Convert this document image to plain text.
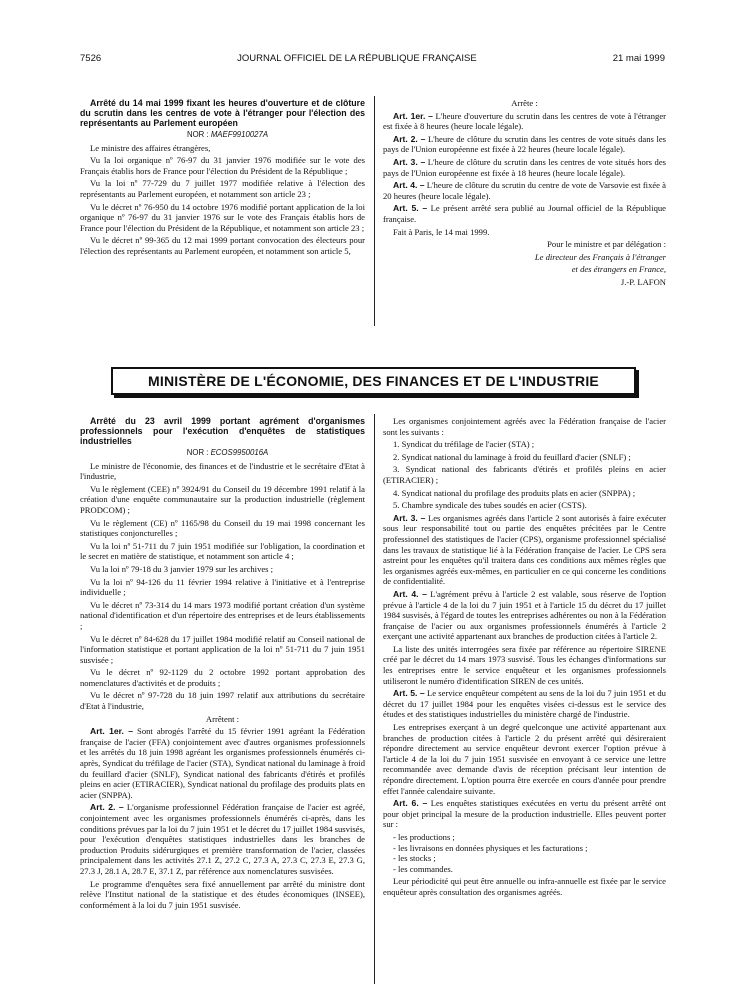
7526	JOURNAL OFFICIEL DE LA RÉPUBLIQUE FRANÇAISE	21 mai 1999

Arrêté du 14 mai 1999 fixant les heures d'ouverture et de clôture du scrutin dans les centres de vote à l'étranger pour l'élection des représentants au Parlement européen

NOR : MAEF9910027A

Le ministre des affaires étrangères,

Vu la loi organique nº 76-97 du 31 janvier 1976 modifiée sur le vote des Français établis hors de France pour l'élection du Président de la République ;

Vu la loi nº 77-729 du 7 juillet 1977 modifiée relative à l'élection des représentants au Parlement européen, et notamment son article 23 ;

Vu le décret nº 76-950 du 14 octobre 1976 modifié portant application de la loi organique nº 76-97 du 31 janvier 1976 sur le vote des Français établis hors de France pour l'élection du Président de la République, et notamment son article 23 ;

Vu le décret nº 99-365 du 12 mai 1999 portant convocation des électeurs pour l'élection des représentants au Parlement européen, et notamment son article 5,

Arrête :

Art. 1er. – L'heure d'ouverture du scrutin dans les centres de vote à l'étranger est fixée à 8 heures (heure locale légale).

Art. 2. – L'heure de clôture du scrutin dans les centres de vote situés dans les pays de l'Union européenne est fixée à 22 heures (heure locale légale).

Art. 3. – L'heure de clôture du scrutin dans les centres de vote situés hors des pays de l'Union européenne est fixée à 18 heures (heure locale légale).

Art. 4. – L'heure de clôture du scrutin du centre de vote de Varsovie est fixée à 20 heures (heure locale légale).

Art. 5. – Le présent arrêté sera publié au Journal officiel de la République française.

Fait à Paris, le 14 mai 1999.

Pour le ministre et par délégation :

Le directeur des Français à l'étranger

et des étrangers en France,

J.-P. LAFON

MINISTÈRE DE L'ÉCONOMIE, DES FINANCES ET DE L'INDUSTRIE

Arrêté du 23 avril 1999 portant agrément d'organismes professionnels pour l'exécution d'enquêtes de statistiques industrielles

NOR : ECOS9950016A

Le ministre de l'économie, des finances et de l'industrie et le secrétaire d'Etat à l'industrie,

Vu le règlement (CEE) nº 3924/91 du Conseil du 19 décembre 1991 relatif à la création d'une enquête communautaire sur la production industrielle (règlement PRODCOM) ;

Vu le règlement (CE) nº 1165/98 du Conseil du 19 mai 1998 concernant les statistiques conjoncturelles ;

Vu la loi nº 51-711 du 7 juin 1951 modifiée sur l'obligation, la coordination et le secret en matière de statistique, et notamment son article 4 ;

Vu la loi nº 79-18 du 3 janvier 1979 sur les archives ;

Vu la loi nº 94-126 du 11 février 1994 relative à l'initiative et à l'entreprise individuelle ;

Vu le décret nº 73-314 du 14 mars 1973 modifié portant création d'un système national d'identification et d'un répertoire des entreprises et de leurs établissements ;

Vu le décret nº 84-628 du 17 juillet 1984 modifié relatif au Conseil national de l'information statistique et portant application de la loi nº 51-711 du 7 juin 1951 susvisée ;

Vu le décret nº 92-1129 du 2 octobre 1992 portant approbation des nomenclatures d'activités et de produits ;

Vu le décret nº 97-728 du 18 juin 1997 relatif aux attributions du secrétaire d'Etat à l'industrie,

Arrêtent :

Art. 1er. – Sont abrogés l'arrêté du 15 février 1991 agréant la Fédération française de l'acier (FFA) conjointement avec d'autres organismes professionnels et les arrêtés du 18 juin 1998 agréant les organismes professionnels énumérés ci-après, Syndicat du tréfilage de l'acier (STA), Syndicat national du laminage à froid du feuillard d'acier (SNLF), Syndicat national des fabricants d'étirés et profilés pleins en acier (ETIRACIER), Syndicat national du profilage des produits plats en acier (SNPPA).

Art. 2. – L'organisme professionnel Fédération française de l'acier est agréé, conjointement avec les organismes professionnels énumérés ci-après, dans les conditions prévues par la loi du 7 juin 1951 et le décret du 17 juillet 1984 susvisés, pour l'exécution d'enquêtes statistiques industrielles dans les branches de production Produits sidérurgiques et première transformation de l'acier, classées principalement dans les activités 27.1 Z, 27.2 C, 27.3 A, 27.3 C, 27.3 E, 27.3 G, 27.3 J, 28.1 A, 28.7 E, 37.1 Z, par référence aux nomenclatures susvisées.

Le programme d'enquêtes sera fixé annuellement par arrêté du ministre dont relève l'Institut national de la statistique et des études économiques (INSEE), conformément à la loi du 7 juin 1951 susvisée.

Les organismes conjointement agréés avec la Fédération française de l'acier sont les suivants :

1. Syndicat du tréfilage de l'acier (STA) ;

2. Syndicat national du laminage à froid du feuillard d'acier (SNLF) ;

3. Syndicat national des fabricants d'étirés et profilés pleins en acier (ETIRACIER) ;

4. Syndicat national du profilage des produits plats en acier (SNPPA) ;

5. Chambre syndicale des tubes soudés en acier (CSTS).

Art. 3. – Les organismes agréés dans l'article 2 sont autorisés à faire exécuter sous leur responsabilité tout ou partie des enquêtes précitées par le Centre professionnel des statistiques de l'acier (CPS), organisme professionnel spécialisé dans les travaux de statistique lié à la Fédération française de l'acier. Le CPS sera astreint pour les enquêtes qu'il traitera dans ces conditions aux mêmes règles que les organismes agréés eux-mêmes, en particulier en ce qui concerne les conditions de confidentialité.

Art. 4. – L'agrément prévu à l'article 2 est valable, sous réserve de l'option prévue à l'article 4 de la loi du 7 juin 1951 et à l'article 15 du décret du 17 juillet 1984 susvisés, à l'égard de toutes les entreprises adhérentes ou non à la Fédération française de l'acier ou aux organismes professionnels énumérés à l'article 2 exerçant une activité appartenant aux branches de production citées à l'article 2.

La liste des unités interrogées sera fixée par référence au répertoire SIRENE créé par le décret du 14 mars 1973 susvisé. Tous les échanges d'informations sur les entreprises entre le service enquêteur et les organismes professionnels utiliseront le numéro d'identification SIREN de ces unités.

Art. 5. – Le service enquêteur compétent au sens de la loi du 7 juin 1951 et du décret du 17 juillet 1984 pour les enquêtes visées ci-dessus est le service des études et des statistiques industrielles du ministère chargé de l'industrie.

Les entreprises exerçant à un degré quelconque une activité appartenant aux branches de production citées à l'article 2 du présent arrêté qui désireraient répondre directement au service enquêteur devront exercer l'option prévue à l'article 4 de la loi du 7 juin 1951 susvisée en envoyant à ce service une lettre recommandée avec demande d'avis de réception précisant leur intention de répondre directement. L'option pourra être exercée en cours d'année pour prendre effet l'année calendaire suivante.

Art. 6. – Les enquêtes statistiques exécutées en vertu du présent arrêté ont pour objet principal la mesure de la production industrielle. Elles peuvent porter sur :

- les productions ;
- les livraisons en données physiques et les facturations ;
- les stocks ;
- les commandes.

Leur périodicité qui peut être annuelle ou infra-annuelle est fixée par le service enquêteur après consultation des organismes agréés.
